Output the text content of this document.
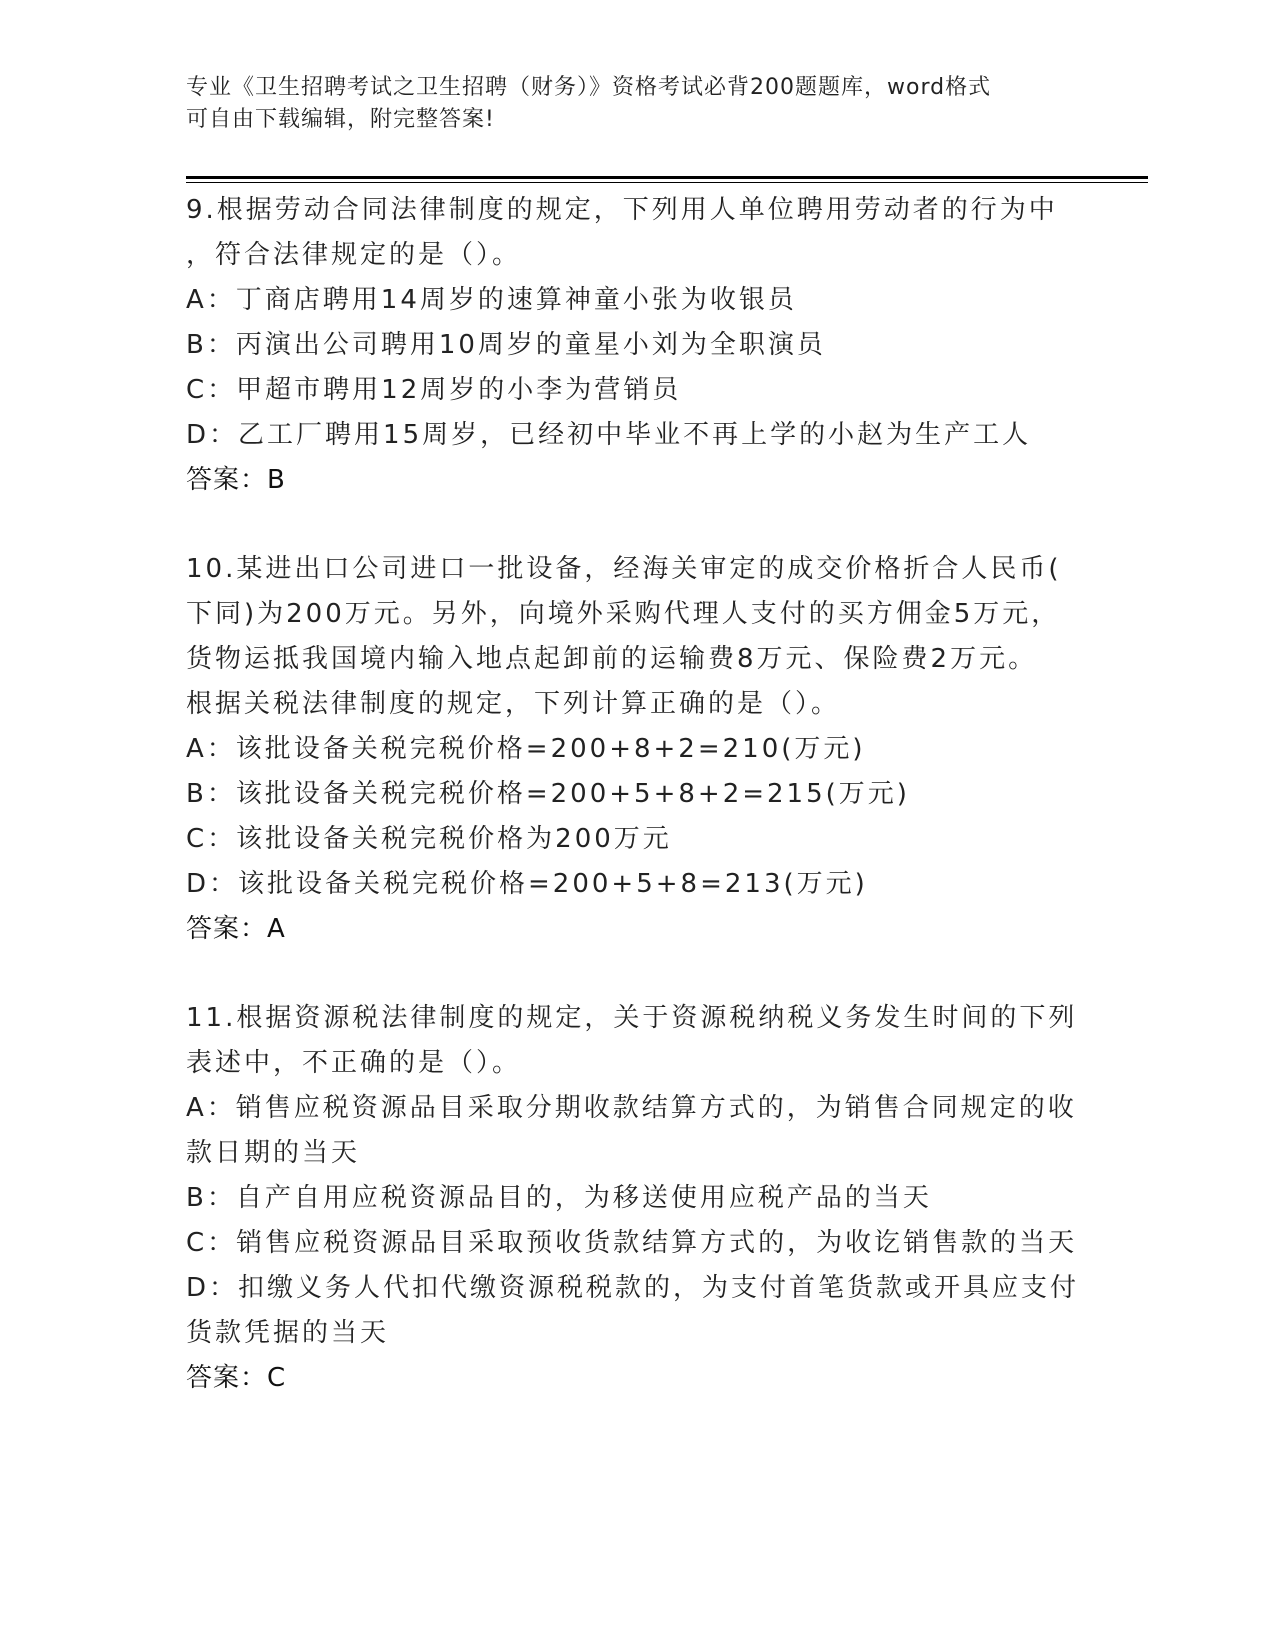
专业《卫生招聘考试之卫生招聘（财务）》资格考试必背200题题库，word格式
可自由下载编辑，附完整答案!
9.根据劳动合同法律制度的规定，下列用人单位聘用劳动者的行为中
，符合法律规定的是（）。
A：丁商店聘用14周岁的速算神童小张为收银员
B：丙演出公司聘用10周岁的童星小刘为全职演员
C：甲超市聘用12周岁的小李为营销员
D：乙工厂聘用15周岁，已经初中毕业不再上学的小赵为生产工人
答案：B
10.某进出口公司进口一批设备，经海关审定的成交价格折合人民币(
下同)为200万元。另外，向境外采购代理人支付的买方佣金5万元，
货物运抵我国境内输入地点起卸前的运输费8万元、保险费2万元。
根据关税法律制度的规定，下列计算正确的是（）。
A：该批设备关税完税价格=200+8+2=210(万元)
B：该批设备关税完税价格=200+5+8+2=215(万元)
C：该批设备关税完税价格为200万元
D：该批设备关税完税价格=200+5+8=213(万元)
答案：A
11.根据资源税法律制度的规定，关于资源税纳税义务发生时间的下列
表述中，不正确的是（）。
A：销售应税资源品目采取分期收款结算方式的，为销售合同规定的收
款日期的当天
B：自产自用应税资源品目的，为移送使用应税产品的当天
C：销售应税资源品目采取预收货款结算方式的，为收讫销售款的当天
D：扣缴义务人代扣代缴资源税税款的，为支付首笔货款或开具应支付
货款凭据的当天
答案：C
